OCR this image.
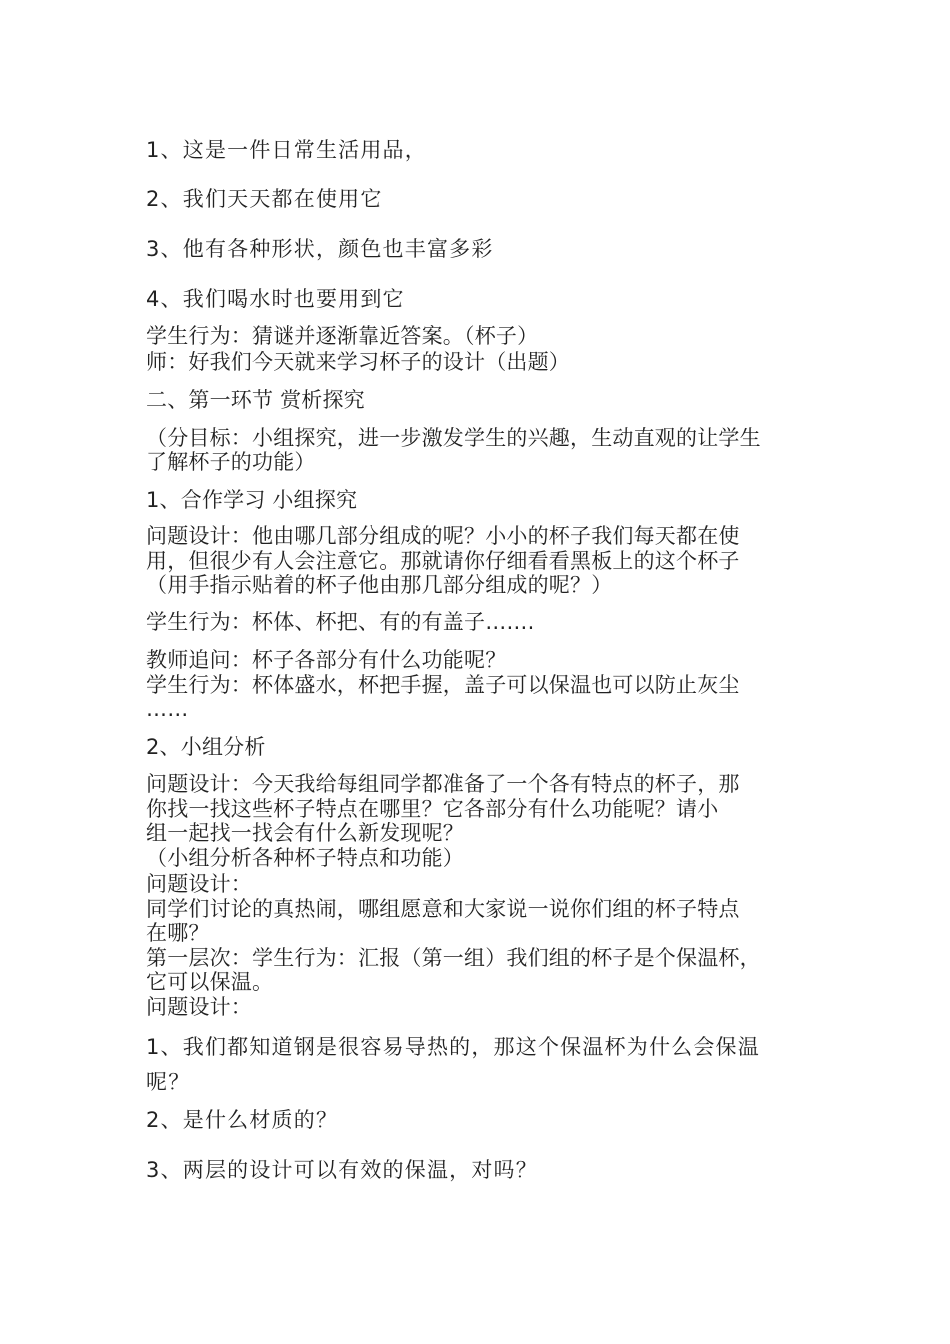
1、这是一件日常生活用品，
2、我们天天都在使用它
3、他有各种形状，颜色也丰富多彩
4、我们喝水时也要用到它
学生行为：猜谜并逐渐靠近答案。（杯子）
师：好我们今天就来学习杯子的设计（出题）
二、第一环节 赏析探究
（分目标：小组探究，进一步激发学生的兴趣，生动直观的让学生
了解杯子的功能）
1、合作学习 小组探究
问题设计：他由哪几部分组成的呢？小小的杯子我们每天都在使
用，但很少有人会注意它。那就请你仔细看看黑板上的这个杯子
（用手指示贴着的杯子他由那几部分组成的呢？）
学生行为：杯体、杯把、有的有盖子…….
教师追问：杯子各部分有什么功能呢？
学生行为：杯体盛水，杯把手握，盖子可以保温也可以防止灰尘
……
2、小组分析
问题设计：今天我给每组同学都准备了一个各有特点的杯子，那
你找一找这些杯子特点在哪里？它各部分有什么功能呢？请小
组一起找一找会有什么新发现呢？
（小组分析各种杯子特点和功能）
问题设计：
同学们讨论的真热闹，哪组愿意和大家说一说你们组的杯子特点
在哪？
第一层次：学生行为：汇报（第一组）我们组的杯子是个保温杯，
它可以保温。
问题设计：
1、我们都知道钢是很容易导热的，那这个保温杯为什么会保温
呢？
2、是什么材质的？
3、两层的设计可以有效的保温，对吗？
